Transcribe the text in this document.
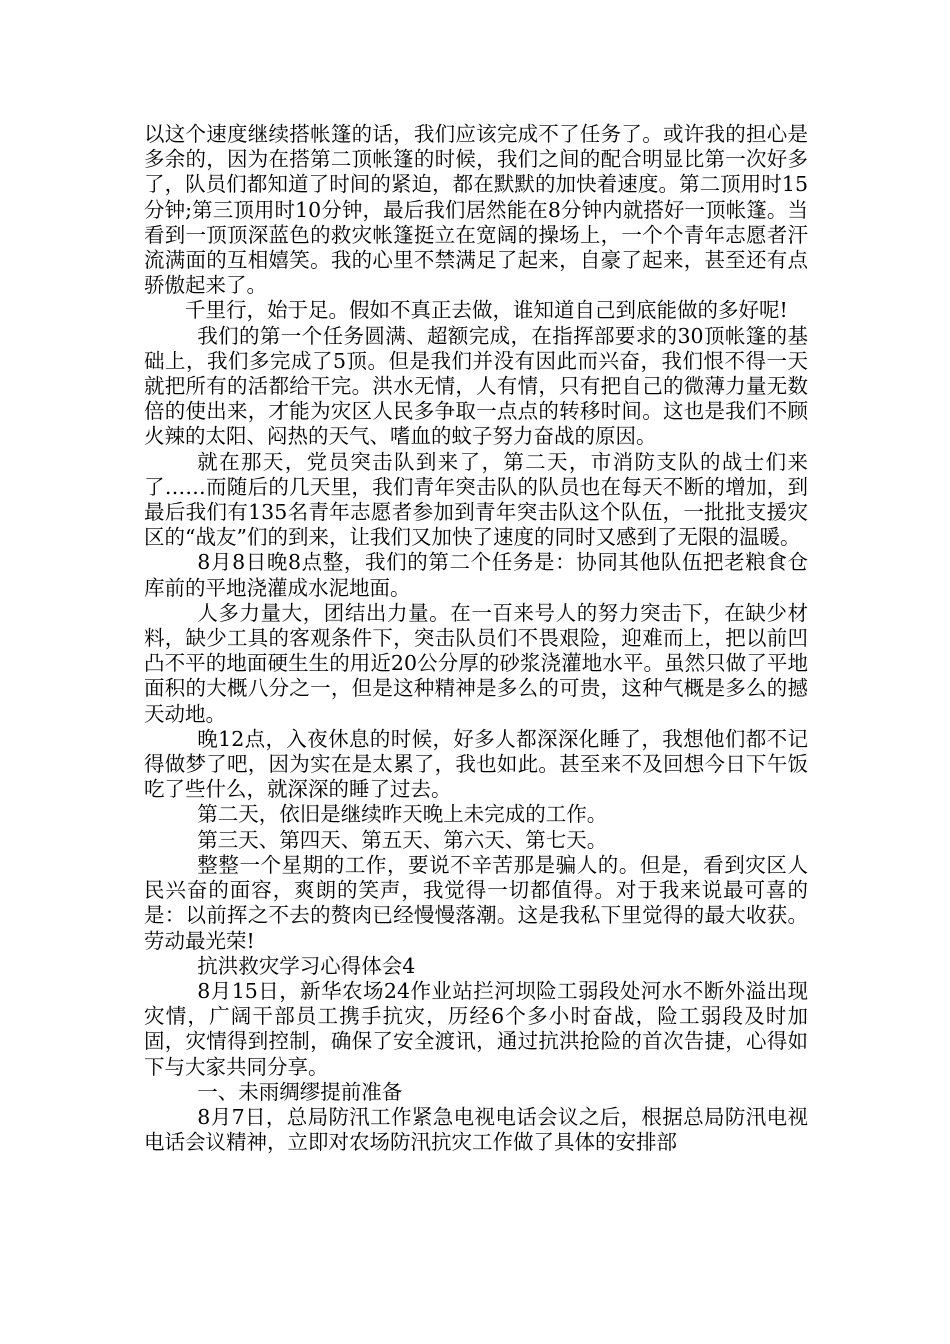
以这个速度继续搭帐篷的话，我们应该完成不了任务了。或许我的担心是多余的，因为在搭第二顶帐篷的时候，我们之间的配合明显比第一次好多了，队员们都知道了时间的紧迫，都在默默的加快着速度。第二顶用时15分钟;第三顶用时10分钟，最后我们居然能在8分钟内就搭好一顶帐篷。当看到一顶顶深蓝色的救灾帐篷挺立在宽阔的操场上，一个个青年志愿者汗流满面的互相嬉笑。我的心里不禁满足了起来，自豪了起来，甚至还有点骄傲起来了。

千里行，始于足。假如不真正去做，谁知道自己到底能做的多好呢!

我们的第一个任务圆满、超额完成，在指挥部要求的30顶帐篷的基础上，我们多完成了5顶。但是我们并没有因此而兴奋，我们恨不得一天就把所有的活都给干完。洪水无情，人有情，只有把自己的微薄力量无数倍的使出来，才能为灾区人民多争取一点点的转移时间。这也是我们不顾火辣的太阳、闷热的天气、嗜血的蚊子努力奋战的原因。

就在那天，党员突击队到来了，第二天，市消防支队的战士们来了……而随后的几天里，我们青年突击队的队员也在每天不断的增加，到最后我们有135名青年志愿者参加到青年突击队这个队伍，一批批支援灾区的“战友”们的到来，让我们又加快了速度的同时又感到了无限的温暖。

8月8日晚8点整，我们的第二个任务是：协同其他队伍把老粮食仓库前的平地浇灌成水泥地面。

人多力量大，团结出力量。在一百来号人的努力突击下，在缺少材料，缺少工具的客观条件下，突击队员们不畏艰险，迎难而上，把以前凹凸不平的地面硬生生的用近20公分厚的砂浆浇灌地水平。虽然只做了平地面积的大概八分之一，但是这种精神是多么的可贵，这种气概是多么的撼天动地。

晚12点，入夜休息的时候，好多人都深深化睡了，我想他们都不记得做梦了吧，因为实在是太累了，我也如此。甚至来不及回想今日下午饭吃了些什么，就深深的睡了过去。

第二天，依旧是继续昨天晚上未完成的工作。

第三天、第四天、第五天、第六天、第七天。

整整一个星期的工作，要说不辛苦那是骗人的。但是，看到灾区人民兴奋的面容，爽朗的笑声，我觉得一切都值得。对于我来说最可喜的是：以前挥之不去的赘肉已经慢慢落潮。这是我私下里觉得的最大收获。劳动最光荣!

抗洪救灾学习心得体会4

8月15日，新华农场24作业站拦河坝险工弱段处河水不断外溢出现灾情，广阔干部员工携手抗灾，历经6个多小时奋战，险工弱段及时加固，灾情得到控制，确保了安全渡讯，通过抗洪抢险的首次告捷，心得如下与大家共同分享。

一、未雨绸缪提前准备

8月7日，总局防汛工作紧急电视电话会议之后，根据总局防汛电视电话会议精神，立即对农场防汛抗灾工作做了具体的安排部
